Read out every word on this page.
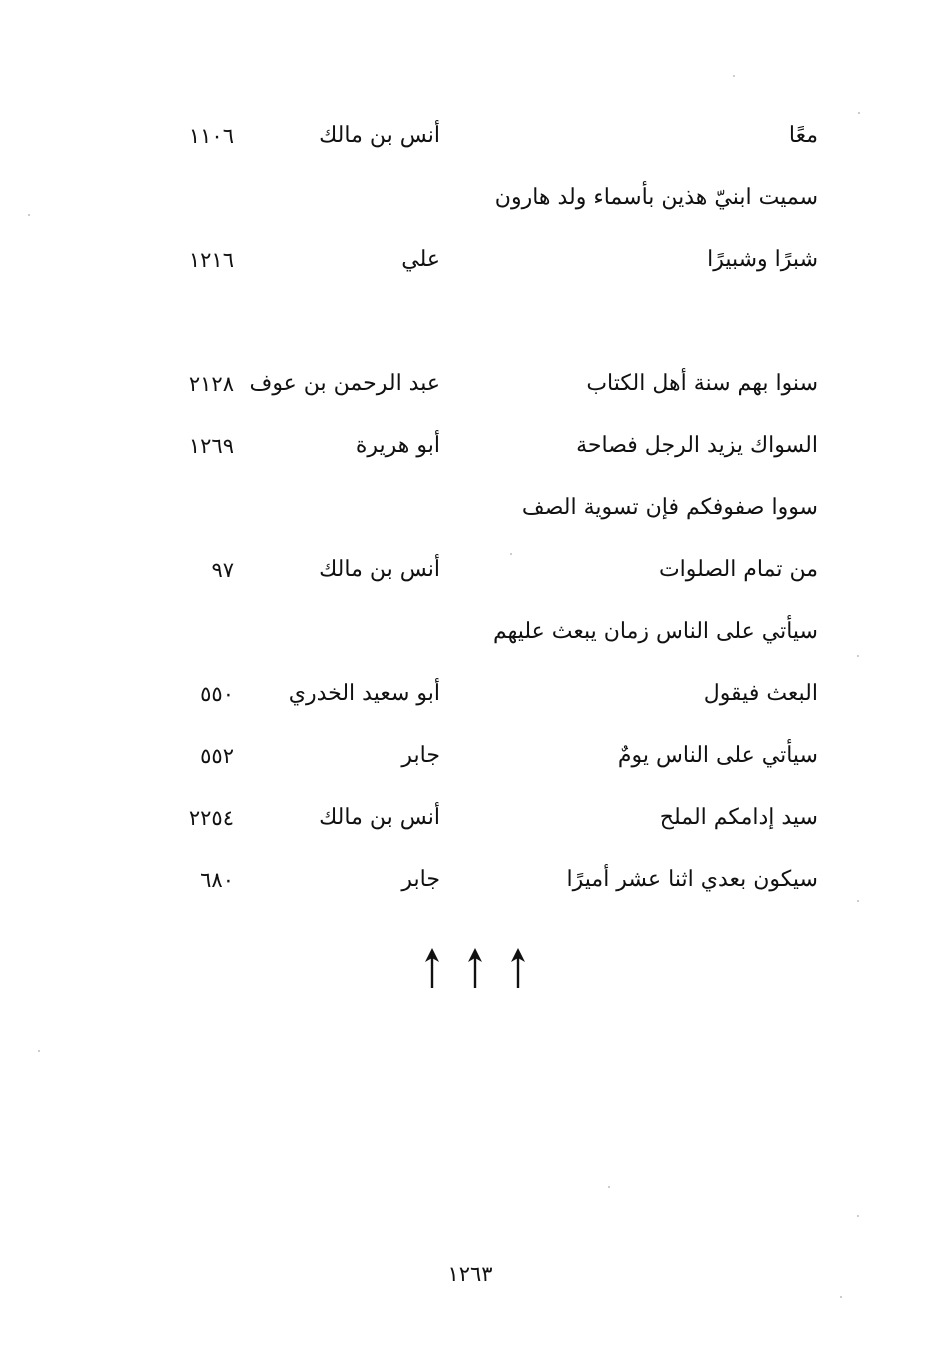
معًا
أنس بن مالك
١١٠٦
سميت ابنيّ هذين بأسماء ولد هارون
شبرًا وشبيرًا
علي
١٢١٦
سنوا بهم سنة أهل الكتاب
عبد الرحمن بن عوف
٢١٢٨
السواك يزيد الرجل فصاحة
أبو هريرة
١٢٦٩
سووا صفوفكم فإن تسوية الصف
من تمام الصلوات
أنس بن مالك
٩٧
سيأتي على الناس زمان يبعث عليهم
البعث فيقول
أبو سعيد الخدري
٥٥٠
سيأتي على الناس يومٌ
جابر
٥٥٢
سيد إدامكم الملح
أنس بن مالك
٢٢٥٤
سيكون بعدي اثنا عشر أميرًا
جابر
٦٨٠
١٢٦٣
